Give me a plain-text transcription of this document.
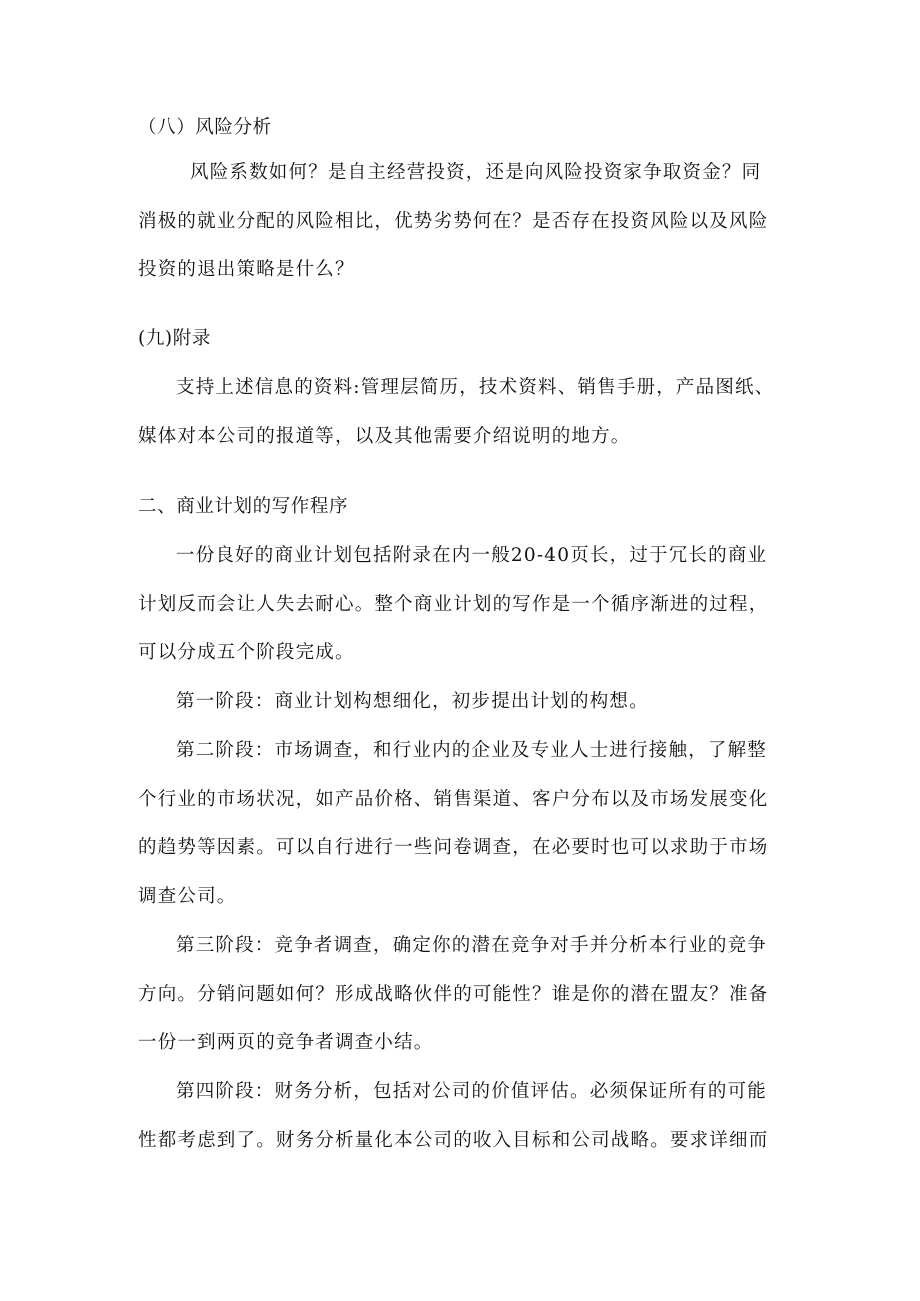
（八）风险分析
风险系数如何？是自主经营投资，还是向风险投资家争取资金？同
消极的就业分配的风险相比，优势劣势何在？是否存在投资风险以及风险
投资的退出策略是什么？
(九)附录
支持上述信息的资料:管理层简历，技术资料、销售手册，产品图纸、
媒体对本公司的报道等，以及其他需要介绍说明的地方。
二、商业计划的写作程序
一份良好的商业计划包括附录在内一般20-40页长，过于冗长的商业
计划反而会让人失去耐心。整个商业计划的写作是一个循序渐进的过程，
可以分成五个阶段完成。
第一阶段：商业计划构想细化，初步提出计划的构想。
第二阶段：市场调查，和行业内的企业及专业人士进行接触，了解整
个行业的市场状况，如产品价格、销售渠道、客户分布以及市场发展变化
的趋势等因素。可以自行进行一些问卷调查，在必要时也可以求助于市场
调查公司。
第三阶段：竞争者调查，确定你的潜在竞争对手并分析本行业的竞争
方向。分销问题如何？形成战略伙伴的可能性？谁是你的潜在盟友？准备
一份一到两页的竞争者调查小结。
第四阶段：财务分析，包括对公司的价值评估。必须保证所有的可能
性都考虑到了。财务分析量化本公司的收入目标和公司战略。要求详细而
